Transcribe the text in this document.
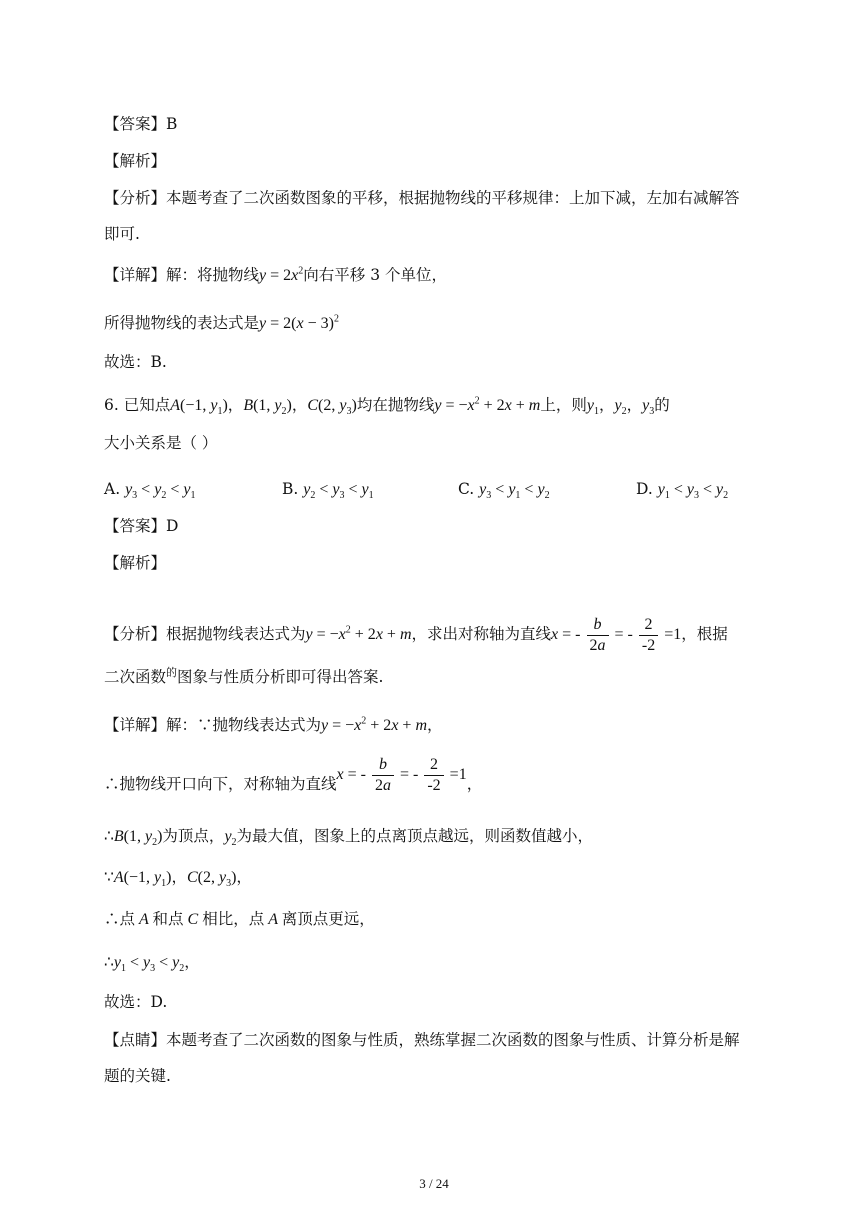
【答案】B
【解析】
【分析】本题考查了二次函数图象的平移，根据抛物线的平移规律：上加下减，左加右减解答
即可.
【详解】解：将抛物线$y = 2x^2$向右平移 3 个单位，
所得抛物线的表达式是$y = 2(x - 3)^2$
故选：B.
6. 已知点A(−1, $y_1$)，B(1, $y_2$)，C(2, $y_3$)均在抛物线$y = -x^2 + 2x + m$上，则$y_1$，$y_2$，$y_3$的
大小关系是（ ）
A. $y_3 < y_2 < y_1$	B. $y_2 < y_3 < y_1$	C. $y_3 < y_1 < y_2$	D. $y_1 < y_3 < y_2$
【答案】D
【解析】
【分析】根据抛物线表达式为$y = -x^2 + 2x + m$，求出对称轴为直线x = - $\frac{b}{2a}$ = - $\frac{2}{-2} =1$，根据
二次函数$^的$图象与性质分析即可得出答案.
【详解】解：∵抛物线表达式为$y = -x^2 + 2x + m$，
∴抛物线开口向下，对称轴为直线x = - $\frac{b}{2a}$ = - $\frac{2}{-2} =1$，
∴B(1, $y_2$)为顶点，$y_2$为最大值，图象上的点离顶点越远，则函数值越小，
∵A(−1, $y_1$)，C(2, $y_3$)，
∴点 A 和点 C 相比，点 A 离顶点更远，
$\therefore y_1 < y_3 < y_2$，
故选：D.
【点睛】本题考查了二次函数的图象与性质，熟练掌握二次函数的图象与性质、计算分析是解
题的关键.
3 / 24
